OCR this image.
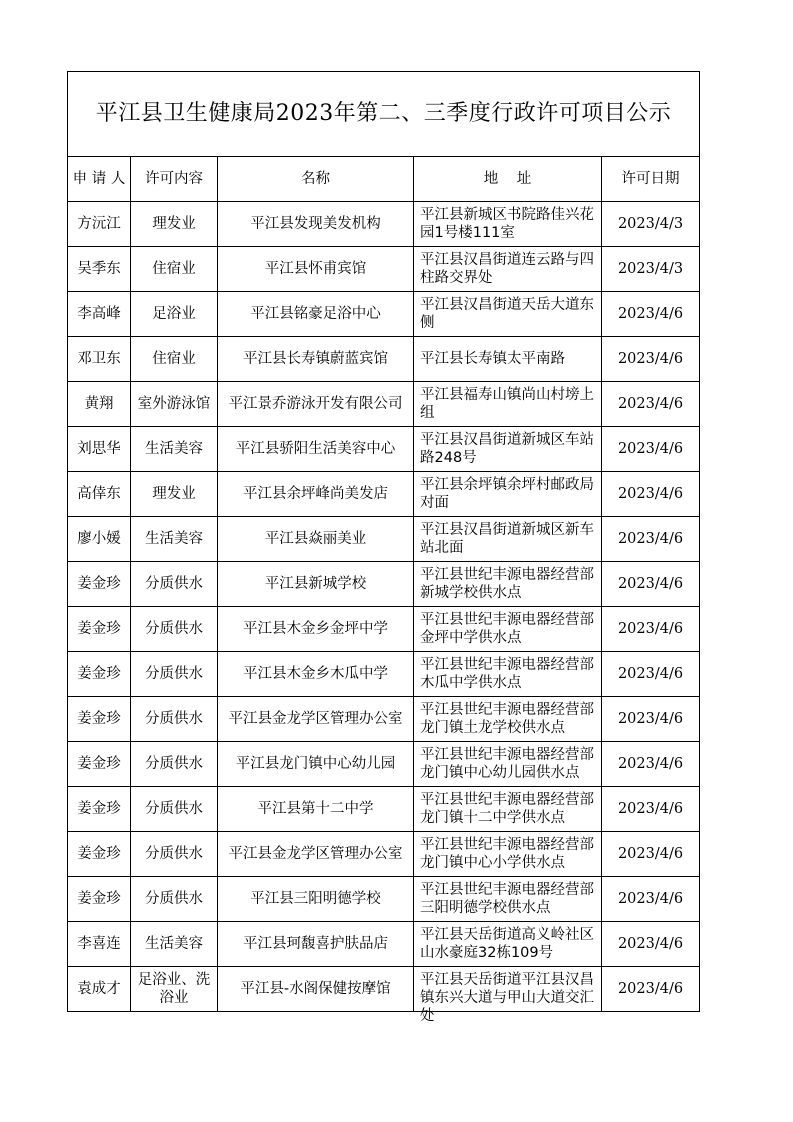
平江县卫生健康局2023年第二、三季度行政许可项目公示				
申 请 人	许可内容	名称	地    址	许可日期
方沅江	理发业	平江县发现美发机构	平江县新城区书院路佳兴花园1号楼111室	2023/4/3
吴季东	住宿业	平江县怀甫宾馆	平江县汉昌街道连云路与四柱路交界处	2023/4/3
李高峰	足浴业	平江县铭豪足浴中心	平江县汉昌街道天岳大道东侧	2023/4/6
邓卫东	住宿业	平江县长寿镇蔚蓝宾馆	平江县长寿镇太平南路	2023/4/6
黄翔	室外游泳馆	平江景乔游泳开发有限公司	平江县福寿山镇尚山村塝上组	2023/4/6
刘思华	生活美容	平江县骄阳生活美容中心	平江县汉昌街道新城区车站路248号	2023/4/6
高倖东	理发业	平江县余坪峰尚美发店	平江县余坪镇余坪村邮政局对面	2023/4/6
廖小媛	生活美容	平江县焱丽美业	平江县汉昌街道新城区新车站北面	2023/4/6
姜金珍	分质供水	平江县新城学校	平江县世纪丰源电器经营部新城学校供水点	2023/4/6
姜金珍	分质供水	平江县木金乡金坪中学	平江县世纪丰源电器经营部金坪中学供水点	2023/4/6
姜金珍	分质供水	平江县木金乡木瓜中学	平江县世纪丰源电器经营部木瓜中学供水点	2023/4/6
姜金珍	分质供水	平江县金龙学区管理办公室	平江县世纪丰源电器经营部龙门镇土龙学校供水点	2023/4/6
姜金珍	分质供水	平江县龙门镇中心幼儿园	平江县世纪丰源电器经营部龙门镇中心幼儿园供水点	2023/4/6
姜金珍	分质供水	平江县第十二中学	平江县世纪丰源电器经营部龙门镇十二中学供水点	2023/4/6
姜金珍	分质供水	平江县金龙学区管理办公室	平江县世纪丰源电器经营部龙门镇中心小学供水点	2023/4/6
姜金珍	分质供水	平江县三阳明德学校	平江县世纪丰源电器经营部三阳明德学校供水点	2023/4/6
李喜连	生活美容	平江县珂馥喜护肤品店	平江县天岳街道高义岭社区山水豪庭32栋109号	2023/4/6
袁成才	足浴业、洗浴业	平江县-水阁保健按摩馆	平江县天岳街道平江县汉昌镇东兴大道与甲山大道交汇处	2023/4/6
